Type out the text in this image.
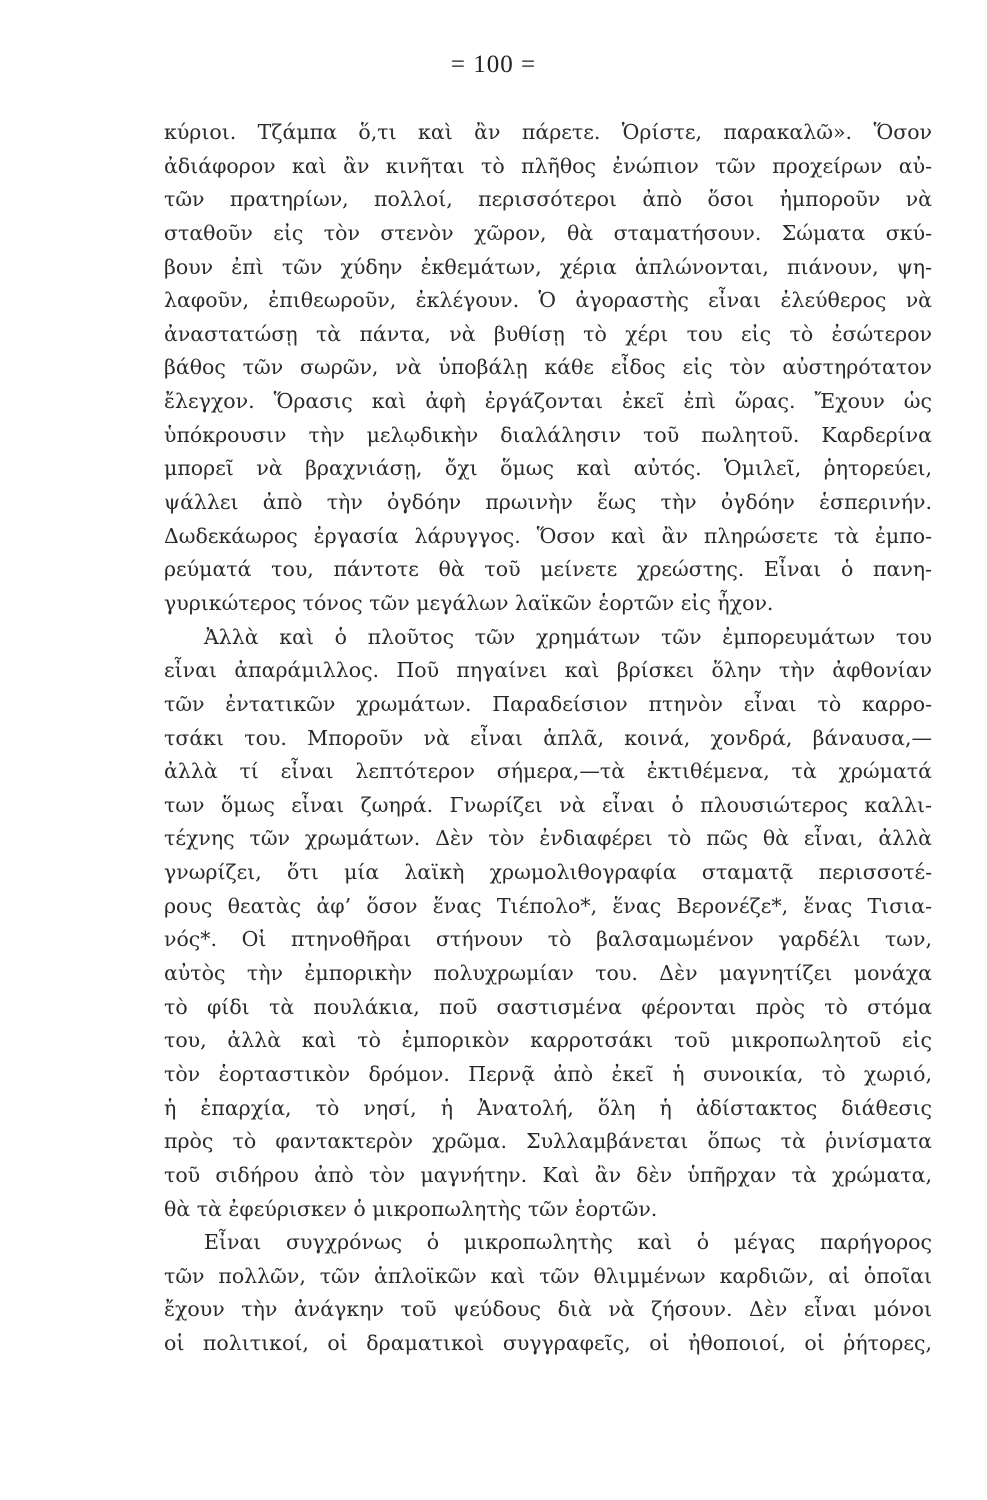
= 100 =
κύριοι. Τζάμπα ὅ,τι καὶ ἂν πάρετε. Ὁρίστε, παρακαλῶ». Ὅσον
ἀδιάφορον καὶ ἂν κινῆται τὸ πλῆθος ἐνώπιον τῶν προχείρων αὐ-
τῶν πρατηρίων, πολλοί, περισσότεροι ἀπὸ ὅσοι ἠμποροῦν νὰ
σταθοῦν εἰς τὸν στενὸν χῶρον, θὰ σταματήσουν. Σώματα σκύ-
βουν ἐπὶ τῶν χύδην ἐκθεμάτων, χέρια ἁπλώνονται, πιάνουν, ψη-
λαφοῦν, ἐπιθεωροῦν, ἐκλέγουν. Ὁ ἀγοραστὴς εἶναι ἐλεύθερος νὰ
ἀναστατώσῃ τὰ πάντα, νὰ βυθίσῃ τὸ χέρι του εἰς τὸ ἐσώτερον
βάθος τῶν σωρῶν, νὰ ὑποβάλῃ κάθε εἶδος εἰς τὸν αὐστηρότατον
ἔλεγχον. Ὅρασις καὶ ἀφὴ ἐργάζονται ἐκεῖ ἐπὶ ὥρας. Ἔχουν ὡς
ὑπόκρουσιν τὴν μελῳδικὴν διαλάλησιν τοῦ πωλητοῦ. Καρδερίνα
μπορεῖ νὰ βραχνιάσῃ, ὄχι ὅμως καὶ αὐτός. Ὁμιλεῖ, ῥητορεύει,
ψάλλει ἀπὸ τὴν ὀγδόην πρωινὴν ἕως τὴν ὀγδόην ἑσπερινήν.
Δωδεκάωρος ἐργασία λάρυγγος. Ὅσον καὶ ἂν πληρώσετε τὰ ἐμπο-
ρεύματά του, πάντοτε θὰ τοῦ μείνετε χρεώστης. Εἶναι ὁ πανη-
γυρικώτερος τόνος τῶν μεγάλων λαϊκῶν ἑορτῶν εἰς ἦχον.
Ἀλλὰ καὶ ὁ πλοῦτος τῶν χρημάτων τῶν ἐμπορευμάτων του
εἶναι ἀπαράμιλλος. Ποῦ πηγαίνει καὶ βρίσκει ὅλην τὴν ἀφθονίαν
τῶν ἐντατικῶν χρωμάτων. Παραδείσιον πτηνὸν εἶναι τὸ καρρο-
τσάκι του. Μποροῦν νὰ εἶναι ἁπλᾶ, κοινά, χονδρά, βάναυσα,—
ἀλλὰ τί εἶναι λεπτότερον σήμερα,—τὰ ἐκτιθέμενα, τὰ χρώματά
των ὅμως εἶναι ζωηρά. Γνωρίζει νὰ εἶναι ὁ πλουσιώτερος καλλι-
τέχνης τῶν χρωμάτων. Δὲν τὸν ἐνδιαφέρει τὸ πῶς θὰ εἶναι, ἀλλὰ
γνωρίζει, ὅτι μία λαϊκὴ χρωμολιθογραφία σταματᾷ περισσοτέ-
ρους θεατὰς ἀφ’ ὅσον ἕνας Τιέπολο*, ἕνας Βερονέζε*, ἕνας Τισια-
νός*. Οἱ πτηνοθῆραι στήνουν τὸ βαλσαμωμένον γαρδέλι των,
αὐτὸς τὴν ἐμπορικὴν πολυχρωμίαν του. Δὲν μαγνητίζει μονάχα
τὸ φίδι τὰ πουλάκια, ποῦ σαστισμένα φέρονται πρὸς τὸ στόμα
του, ἀλλὰ καὶ τὸ ἐμπορικὸν καρροτσάκι τοῦ μικροπωλητοῦ εἰς
τὸν ἑορταστικὸν δρόμον. Περνᾷ ἀπὸ ἐκεῖ ἡ συνοικία, τὸ χωριό,
ἡ ἐπαρχία, τὸ νησί, ἡ Ἀνατολή, ὅλη ἡ ἀδίστακτος διάθεσις
πρὸς τὸ φαντακτερὸν χρῶμα. Συλλαμβάνεται ὅπως τὰ ῥινίσματα
τοῦ σιδήρου ἀπὸ τὸν μαγνήτην. Καὶ ἂν δὲν ὑπῆρχαν τὰ χρώματα,
θὰ τὰ ἐφεύρισκεν ὁ μικροπωλητὴς τῶν ἑορτῶν.
Εἶναι συγχρόνως ὁ μικροπωλητὴς καὶ ὁ μέγας παρήγορος
τῶν πολλῶν, τῶν ἁπλοϊκῶν καὶ τῶν θλιμμένων καρδιῶν, αἱ ὁποῖαι
ἔχουν τὴν ἀνάγκην τοῦ ψεύδους διὰ νὰ ζήσουν. Δὲν εἶναι μόνοι
οἱ πολιτικοί, οἱ δραματικοὶ συγγραφεῖς, οἱ ἠθοποιοί, οἱ ῥήτορες,
